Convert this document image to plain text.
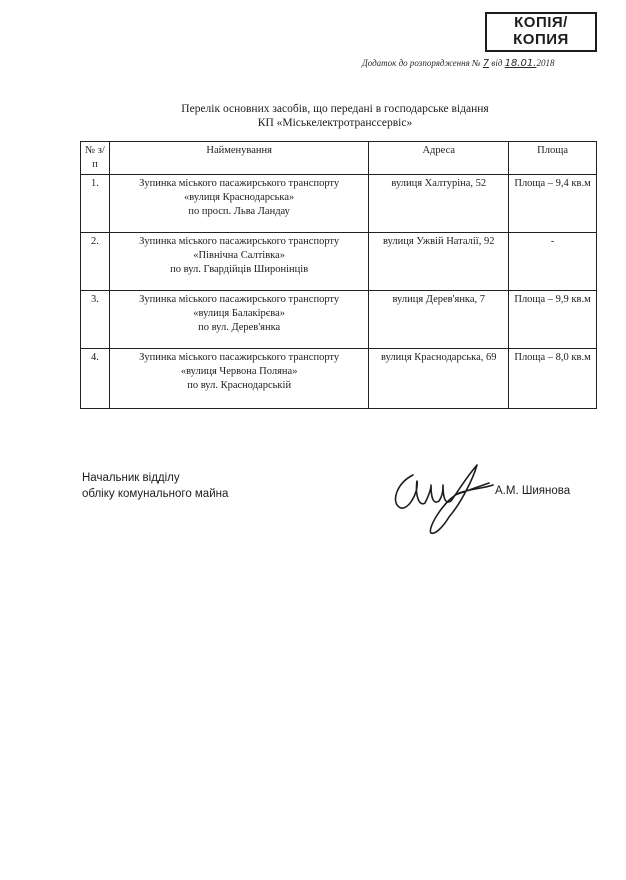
КОПІЯ/
КОПИЯ
Додаток до розпорядження № 7 від 18.01.2018
Перелік основних засобів, що передані в господарське відання
КП «Міськелектротранссервіс»
№ з/п	Найменування	Адреса	Площа
1.	Зупинка міського пасажирського транспорту
«вулиця Краснодарська»
по просп. Льва Ландау	вулиця Халтуріна, 52	Площа – 9,4 кв.м
2.	Зупинка міського пасажирського транспорту
«Північна Салтівка»
по вул. Гвардійців Широнінців	вулиця Ужвій Наталії, 92	-
3.	Зупинка міського пасажирського транспорту
«вулиця Балакірєва»
по вул. Дерев'янка	вулиця Дерев'янка, 7	Площа – 9,9 кв.м
4.	Зупинка міського пасажирського транспорту
«вулиця Червона Поляна»
по вул. Краснодарській	вулиця Краснодарська, 69	Площа – 8,0 кв.м
Начальник відділу
обліку комунального майна	А.М. Шиянова
